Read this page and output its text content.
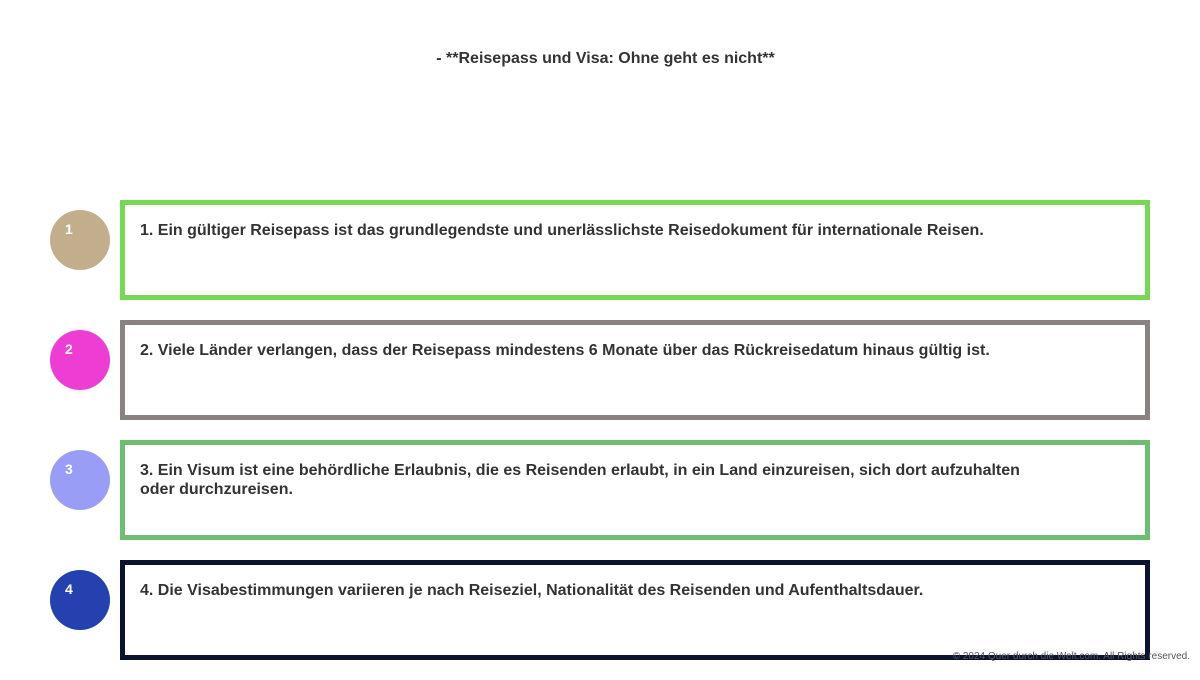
- **Reisepass und Visa: Ohne geht es nicht**
1	1. Ein gültiger Reisepass ist das grundlegendste und unerlässlichste Reisedokument für internationale Reisen.
2	2. Viele Länder verlangen, dass der Reisepass mindestens 6 Monate über das Rückreisedatum hinaus gültig ist.
3	3. Ein Visum ist eine behördliche Erlaubnis, die es Reisenden erlaubt, in ein Land einzureisen, sich dort aufzuhalten oder durchzureisen.
4	4. Die Visabestimmungen variieren je nach Reiseziel, Nationalität des Reisenden und Aufenthaltsdauer.
© 2024 Quer durch die Welt.com. All Rights reserved.
